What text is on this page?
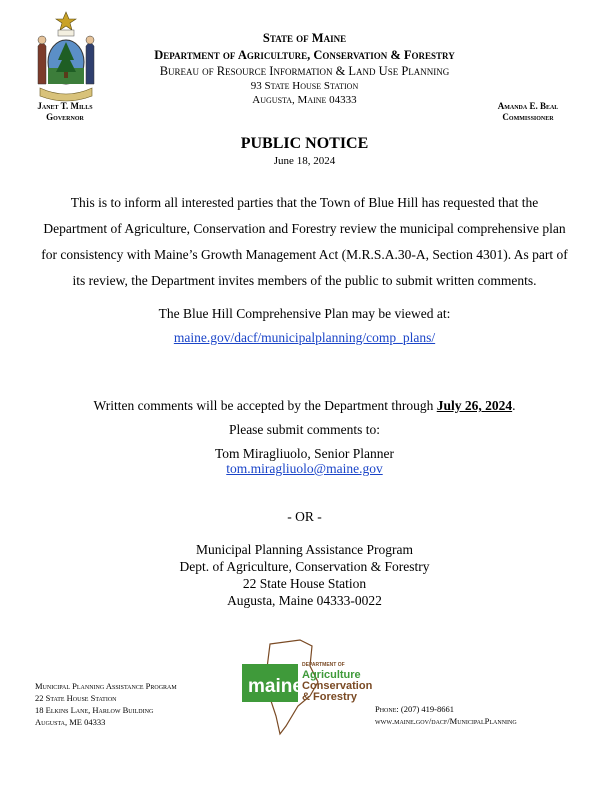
State of Maine
Department of Agriculture, Conservation & Forestry
Bureau of Resource Information & Land Use Planning
93 State House Station
Augusta, Maine 04333
Janet T. Mills
Governor
Amanda E. Beal
Commissioner
PUBLIC NOTICE
June 18, 2024
This is to inform all interested parties that the Town of Blue Hill has requested that the Department of Agriculture, Conservation and Forestry review the municipal comprehensive plan for consistency with Maine’s Growth Management Act (M.R.S.A.30-A, Section 4301). As part of its review, the Department invites members of the public to submit written comments.
The Blue Hill Comprehensive Plan may be viewed at:
maine.gov/dacf/municipalplanning/comp_plans/
Written comments will be accepted by the Department through July 26, 2024.
Please submit comments to:
Tom Miragliuolo, Senior Planner
tom.miragliuolo@maine.gov
- OR -
Municipal Planning Assistance Program
Dept. of Agriculture, Conservation & Forestry
22 State House Station
Augusta, Maine 04333-0022
Municipal Planning Assistance Program
22 State House Station
18 Elkins Lane, Harlow Building
Augusta, ME 04333
maine
DEPARTMENT OF
Agriculture
Conservation
& Forestry
Phone: (207) 419-8661
www.maine.gov/dacf/MunicipalPlanning
